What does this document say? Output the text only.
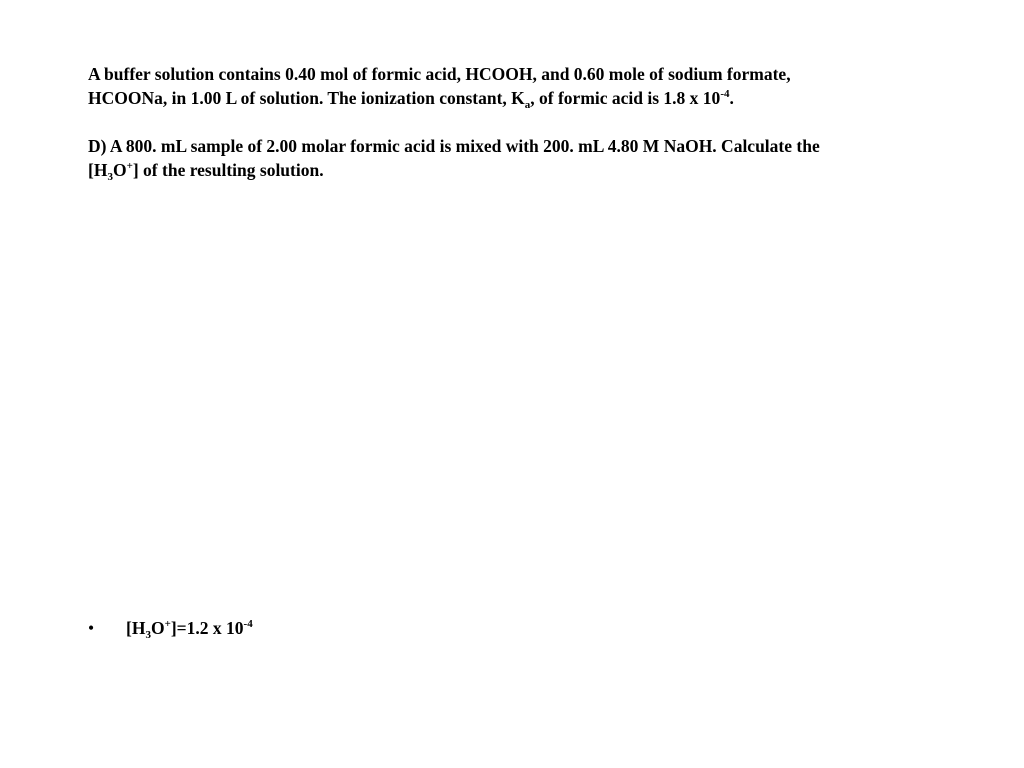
A buffer solution contains 0.40 mol of formic acid, HCOOH, and 0.60 mole of sodium formate,
HCOONa, in 1.00 L of solution. The ionization constant, $K_a$, of formic acid is 1.8 x $10^{-4}$.
D) A 800. mL sample of 2.00 molar formic acid is mixed with 200. mL 4.80 M NaOH. Calculate the
$[H_3O^+]$ of the resulting solution.
• $[H_3O^+]=1.2$ x $10^{-4}$
